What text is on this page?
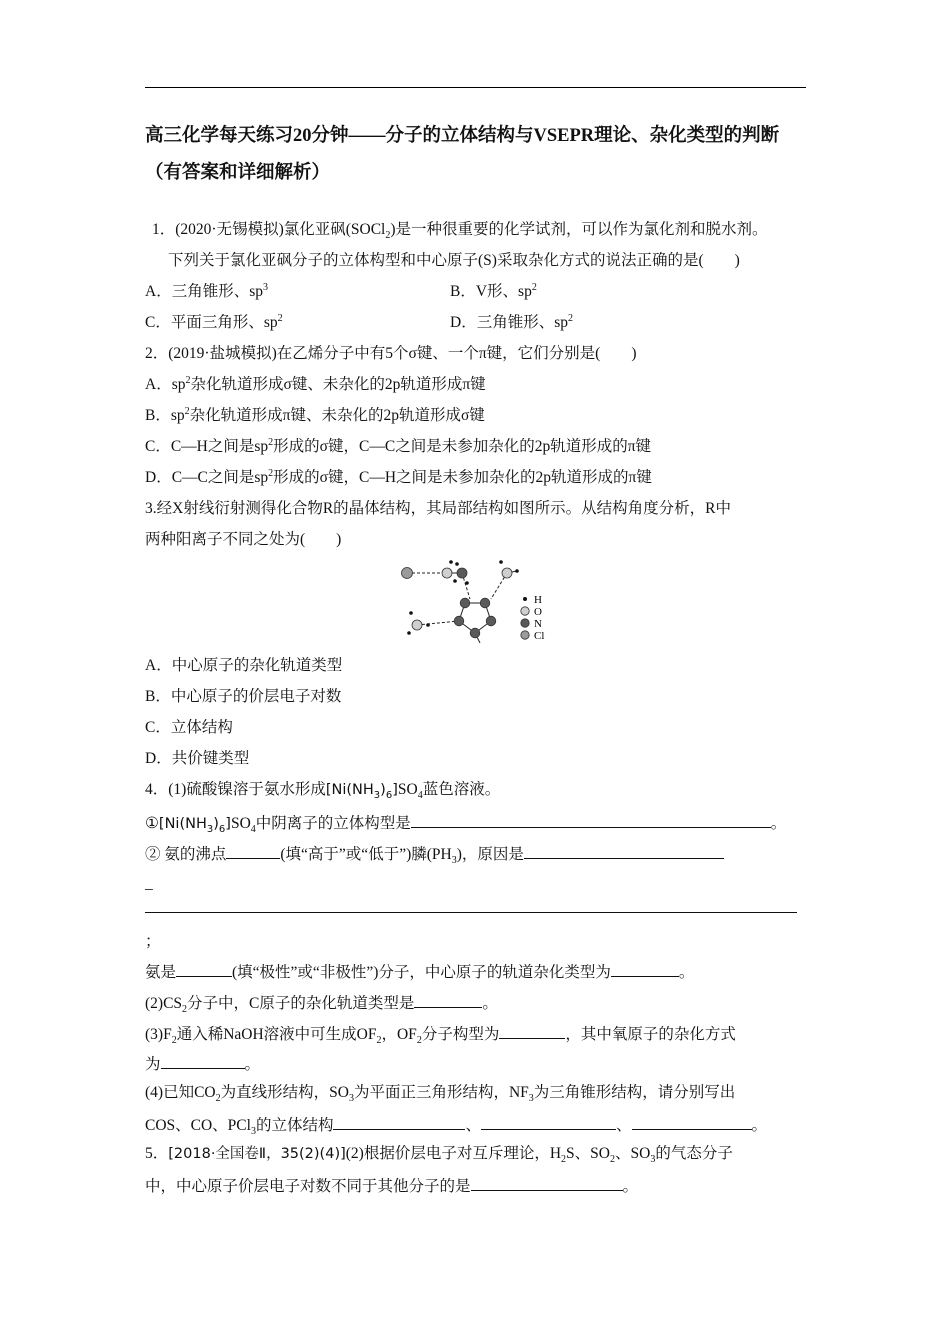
高三化学每天练习20分钟——分子的立体结构与VSEPR理论、杂化类型的判断（有答案和详细解析）
1．(2020·无锡模拟)氯化亚砜(SOCl$_2$)是一种很重要的化学试剂，可以作为氯化剂和脱水剂。
下列关于氯化亚砜分子的立体构型和中心原子(S)采取杂化方式的说法正确的是(　　)
A．三角锥形、$sp^3$	B．V形、$sp^2$
C．平面三角形、$sp^2$	D．三角锥形、$sp^2$
2．(2019·盐城模拟)在乙烯分子中有5个σ键、一个π键，它们分别是(　　)
A．$sp^2$杂化轨道形成σ键、未杂化的2p轨道形成π键
B．$sp^2$杂化轨道形成π键、未杂化的2p轨道形成σ键
C．C—H之间是$sp^2$形成的σ键，C—C之间是未参加杂化的2p轨道形成的π键
D．C—C之间是$sp^2$形成的σ键，C—H之间是未参加杂化的2p轨道形成的π键
3.经X射线衍射测得化合物R的晶体结构，其局部结构如图所示。从结构角度分析，R中
两种阳离子不同之处为(　　)
H
O
N
Cl
A．中心原子的杂化轨道类型
B．中心原子的价层电子对数
C．立体结构
D．共价键类型
4．(1)硫酸镍溶于氨水形成$[Ni(NH_3)_6]SO_4$蓝色溶液。
$①[Ni(NH_3)_6]SO_4$中阴离子的立体构型是	。
② 氨的沸点	(填“高于”或“低于”)膦$(PH_3)$，原因是
_
；
氨是	(填“极性”或“非极性”)分子，中心原子的轨道杂化类型为	。
$(2)CS_2$分子中，C原子的杂化轨道类型是	。
$(3)F_2$通入稀NaOH溶液中可生成$OF_2$，$OF_2$分子构型为	，其中氧原子的杂化方式
为	。
(4)已知$CO_2$为直线形结构，$SO_3$为平面正三角形结构，$NF_3$为三角锥形结构，请分别写出
COS、CO、PCl$_3$的立体结构	、	、	。
5．[2018·全国卷Ⅱ，35(2)(4)](2)根据价层电子对互斥理论，$H_2S$、$SO_2$、$SO_3$的气态分子
中，中心原子价层电子对数不同于其他分子的是	。
